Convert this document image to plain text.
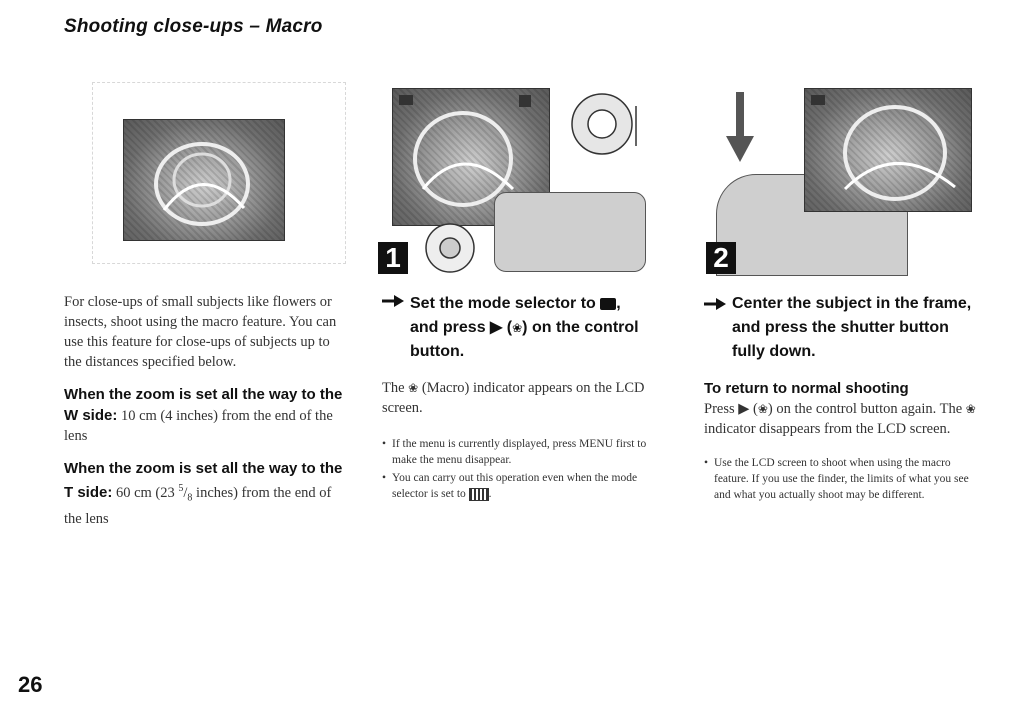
Shooting close-ups – Macro
1	2
For close-ups of small subjects like flowers or insects, shoot using the macro feature. You can use this feature for close-ups of subjects up to the distances specified below.
When the zoom is set all the way to the W side: 10 cm (4 inches) from the end of the lens
When the zoom is set all the way to the T side: 60 cm (23 $^5/_8$ inches) from the end of the lens
Set the mode selector to ,
and press ▶ (❀) on the control button.
The ❀ (Macro) indicator appears on the LCD screen.
• If the menu is currently displayed, press MENU first to make the menu disappear.
• You can carry out this operation even when the mode selector is set to .
Center the subject in the frame, and press the shutter button fully down.
To return to normal shooting
Press ▶ (❀) on the control button again. The ❀ indicator disappears from the LCD screen.
• Use the LCD screen to shoot when using the macro feature. If you use the finder, the limits of what you see and what you actually shoot may be different.
26
